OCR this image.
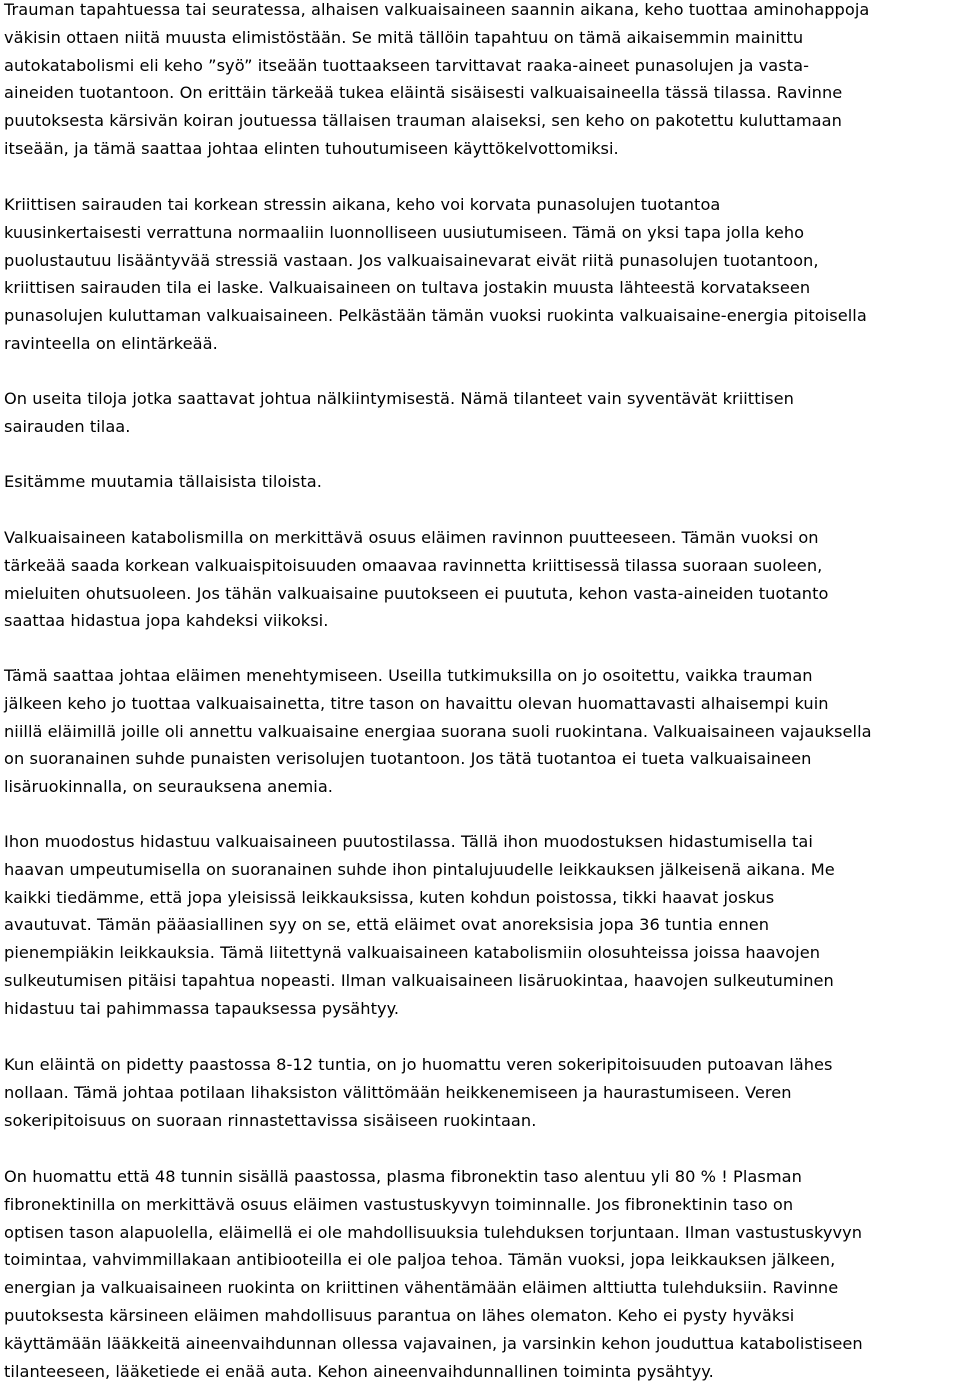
Trauman tapahtuessa tai seuratessa, alhaisen valkuaisaineen saannin aikana, keho tuottaa aminohappoja
väkisin ottaen niitä muusta elimistöstään. Se mitä tällöin tapahtuu on tämä aikaisemmin mainittu
autokatabolismi eli keho ”syö” itseään tuottaakseen tarvittavat raaka-aineet punasolujen ja vasta-
aineiden tuotantoon. On erittäin tärkeää tukea eläintä sisäisesti valkuaisaineella tässä tilassa. Ravinne
puutoksesta kärsivän koiran joutuessa tällaisen trauman alaiseksi, sen keho on pakotettu kuluttamaan
itseään, ja tämä saattaa johtaa elinten tuhoutumiseen käyttökelvottomiksi.

Kriittisen sairauden tai korkean stressin aikana, keho voi korvata punasolujen tuotantoa
kuusinkertaisesti verrattuna normaaliin luonnolliseen uusiutumiseen. Tämä on yksi tapa jolla keho
puolustautuu lisääntyvää stressiä vastaan. Jos valkuaisainevarat eivät riitä punasolujen tuotantoon,
kriittisen sairauden tila ei laske. Valkuaisaineen on tultava jostakin muusta lähteestä korvatakseen
punasolujen kuluttaman valkuaisaineen. Pelkästään tämän vuoksi ruokinta valkuaisaine-energia pitoisella
ravinteella on elintärkeää.

On useita tiloja jotka saattavat johtua nälkiintymisestä. Nämä tilanteet vain syventävät kriittisen
sairauden tilaa.

Esitämme muutamia tällaisista tiloista.

Valkuaisaineen katabolismilla on merkittävä osuus eläimen ravinnon puutteeseen. Tämän vuoksi on
tärkeää saada korkean valkuaispitoisuuden omaavaa ravinnetta kriittisessä tilassa suoraan suoleen,
mieluiten ohutsuoleen. Jos tähän valkuaisaine puutokseen ei puututa, kehon vasta-aineiden tuotanto
saattaa hidastua jopa kahdeksi viikoksi.

Tämä saattaa johtaa eläimen menehtymiseen. Useilla tutkimuksilla on jo osoitettu, vaikka trauman
jälkeen keho jo tuottaa valkuaisainetta, titre tason on havaittu olevan huomattavasti alhaisempi kuin
niillä eläimillä joille oli annettu valkuaisaine energiaa suorana suoli ruokintana. Valkuaisaineen vajauksella
on suoranainen suhde punaisten verisolujen tuotantoon. Jos tätä tuotantoa ei tueta valkuaisaineen
lisäruokinnalla, on seurauksena anemia.

Ihon muodostus hidastuu valkuaisaineen puutostilassa. Tällä ihon muodostuksen hidastumisella tai
haavan umpeutumisella on suoranainen suhde ihon pintalujuudelle leikkauksen jälkeisenä aikana. Me
kaikki tiedämme, että jopa yleisissä leikkauksissa, kuten kohdun poistossa, tikki haavat joskus
avautuvat. Tämän pääasiallinen syy on se, että eläimet ovat anoreksisia jopa 36 tuntia ennen
pienempiäkin leikkauksia. Tämä liitettynä valkuaisaineen katabolismiin olosuhteissa joissa haavojen
sulkeutumisen pitäisi tapahtua nopeasti. Ilman valkuaisaineen lisäruokintaa, haavojen sulkeutuminen
hidastuu tai pahimmassa tapauksessa pysähtyy.

Kun eläintä on pidetty paastossa 8-12 tuntia, on jo huomattu veren sokeripitoisuuden putoavan lähes
nollaan. Tämä johtaa potilaan lihaksiston välittömään heikkenemiseen ja haurastumiseen. Veren
sokeripitoisuus on suoraan rinnastettavissa sisäiseen ruokintaan.

On huomattu että 48 tunnin sisällä paastossa, plasma fibronektin taso alentuu yli 80 % ! Plasman
fibronektinilla on merkittävä osuus eläimen vastustuskyvyn toiminnalle. Jos fibronektinin taso on
optisen tason alapuolella, eläimellä ei ole mahdollisuuksia tulehduksen torjuntaan. Ilman vastustuskyvyn
toimintaa, vahvimmillakaan antibiooteilla ei ole paljoa tehoa. Tämän vuoksi, jopa leikkauksen jälkeen,
energian ja valkuaisaineen ruokinta on kriittinen vähentämään eläimen alttiutta tulehduksiin. Ravinne
puutoksesta kärsineen eläimen mahdollisuus parantua on lähes olematon. Keho ei pysty hyväksi
käyttämään lääkkeitä aineenvaihdunnan ollessa vajavainen, ja varsinkin kehon jouduttua katabolistiseen
tilanteeseen, lääketiede ei enää auta. Kehon aineenvaihdunnallinen toiminta pysähtyy.
